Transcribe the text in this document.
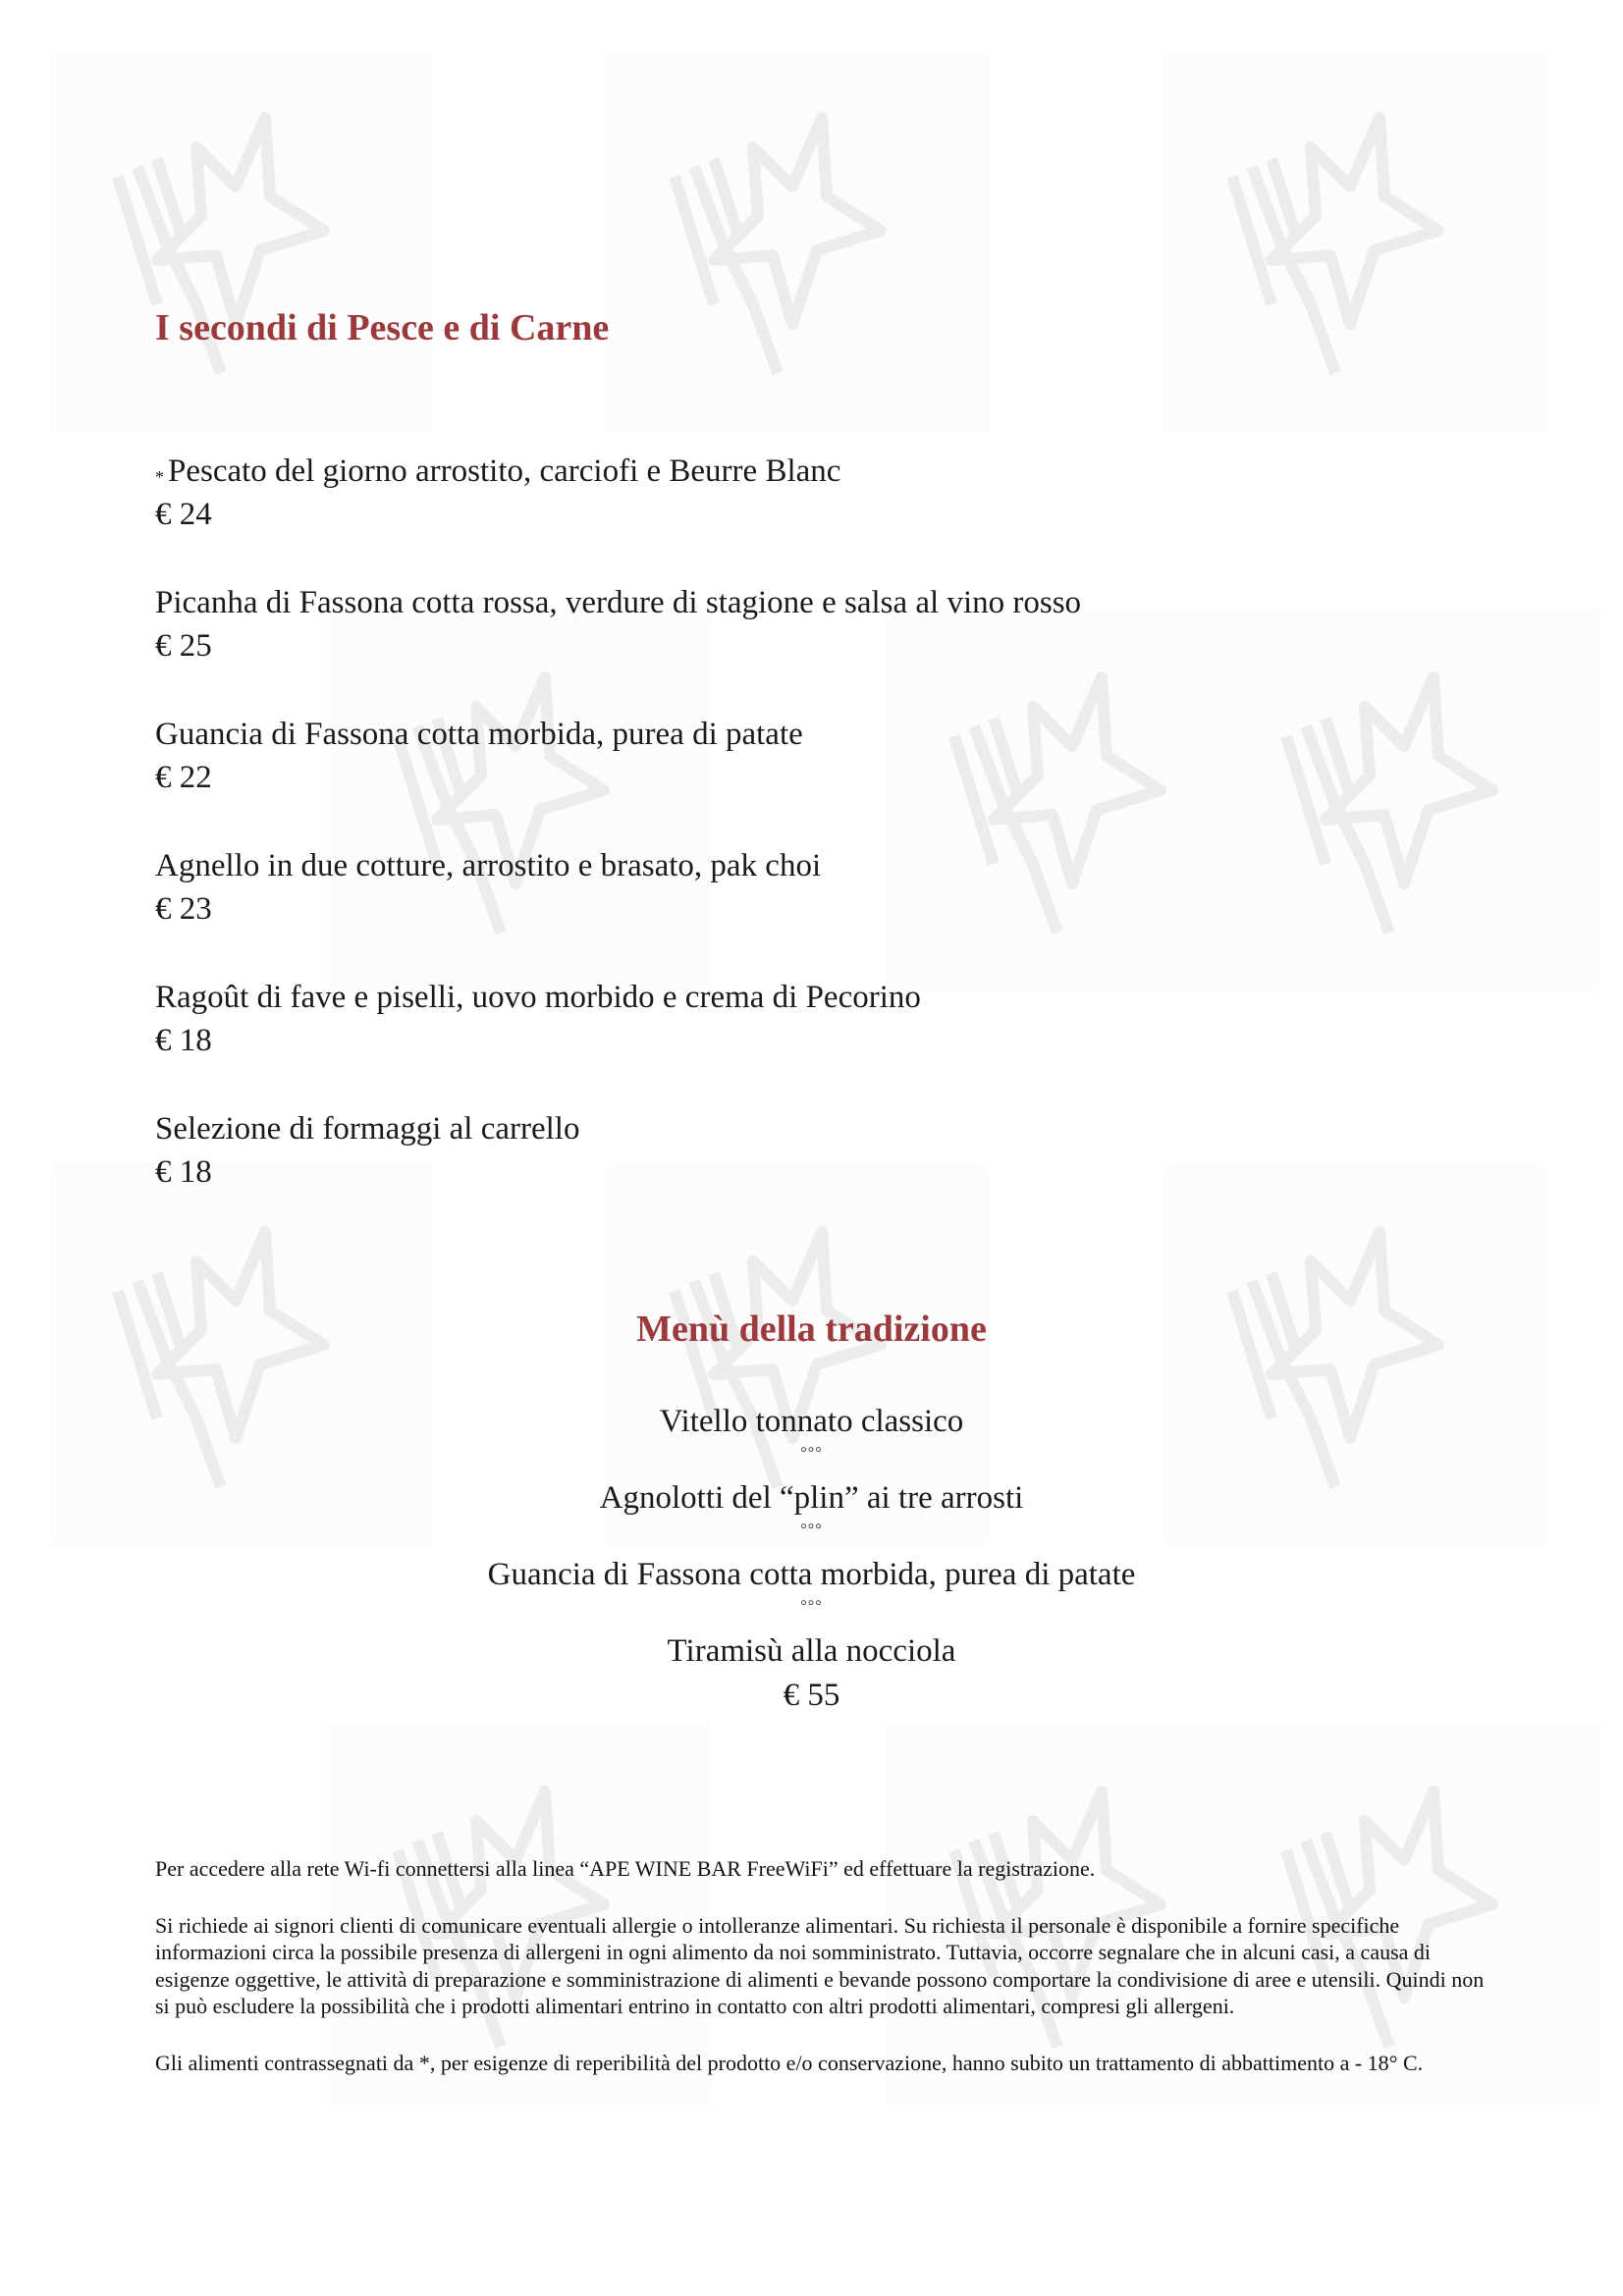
I secondi di Pesce e di Carne
* Pescato del giorno arrostito, carciofi e Beurre Blanc
€ 24
Picanha di Fassona cotta rossa, verdure di stagione e salsa al vino rosso
€ 25
Guancia di Fassona cotta morbida, purea di patate
€ 22
Agnello in due cotture, arrostito e brasato, pak choi
€ 23
Ragoût di fave e piselli, uovo morbido e crema di Pecorino
€ 18
Selezione di formaggi al carrello
€ 18
Menù della tradizione
Vitello tonnato classico
°°°
Agnolotti del “plin” ai tre arrosti
°°°
Guancia di Fassona cotta morbida, purea di patate
°°°
Tiramisù alla nocciola
€ 55

Per accedere alla rete Wi-fi connettersi alla linea “APE WINE BAR FreeWiFi” ed effettuare la registrazione.

Si richiede ai signori clienti di comunicare eventuali allergie o intolleranze alimentari. Su richiesta il personale è disponibile a fornire specifiche informazioni circa la possibile presenza di allergeni in ogni alimento da noi somministrato. Tuttavia, occorre segnalare che in alcuni casi, a causa di esigenze oggettive, le attività di preparazione e somministrazione di alimenti e bevande possono comportare la condivisione di aree e utensili. Quindi non si può escludere la possibilità che i prodotti alimentari entrino in contatto con altri prodotti alimentari, compresi gli allergeni.

Gli alimenti contrassegnati da *, per esigenze di reperibilità del prodotto e/o conservazione, hanno subito un trattamento di abbattimento a - 18° C.
